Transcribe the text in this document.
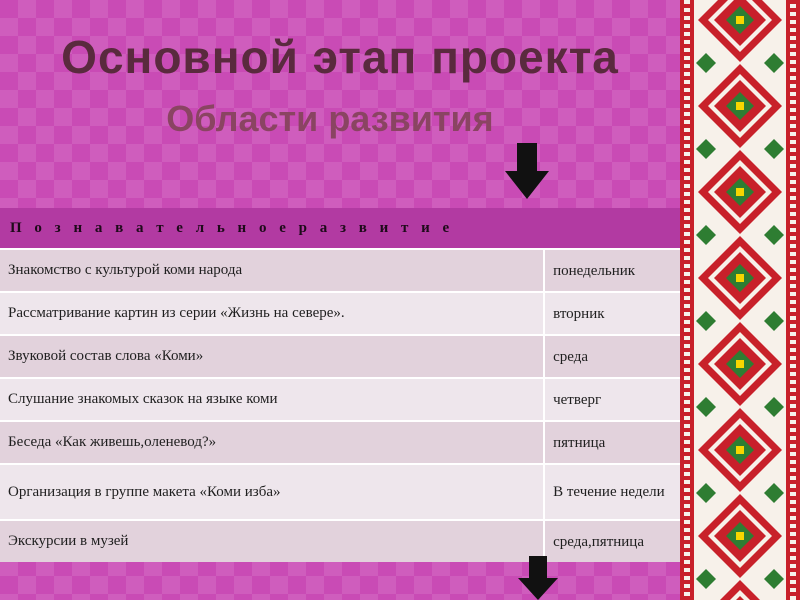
Основной этап проекта
Области развития
П о з н а в а т е л ь н о е р а з в и т и е
Знакомство с культурой коми народа	понедельник
Рассматривание картин из серии «Жизнь на севере».	вторник
Звуковой состав слова «Коми»	среда
Слушание знакомых сказок на языке коми	четверг
Беседа «Как живешь,оленевод?»	пятница
Организация в группе макета «Коми изба»	В течение недели
Экскурсии в музей	среда,пятница
